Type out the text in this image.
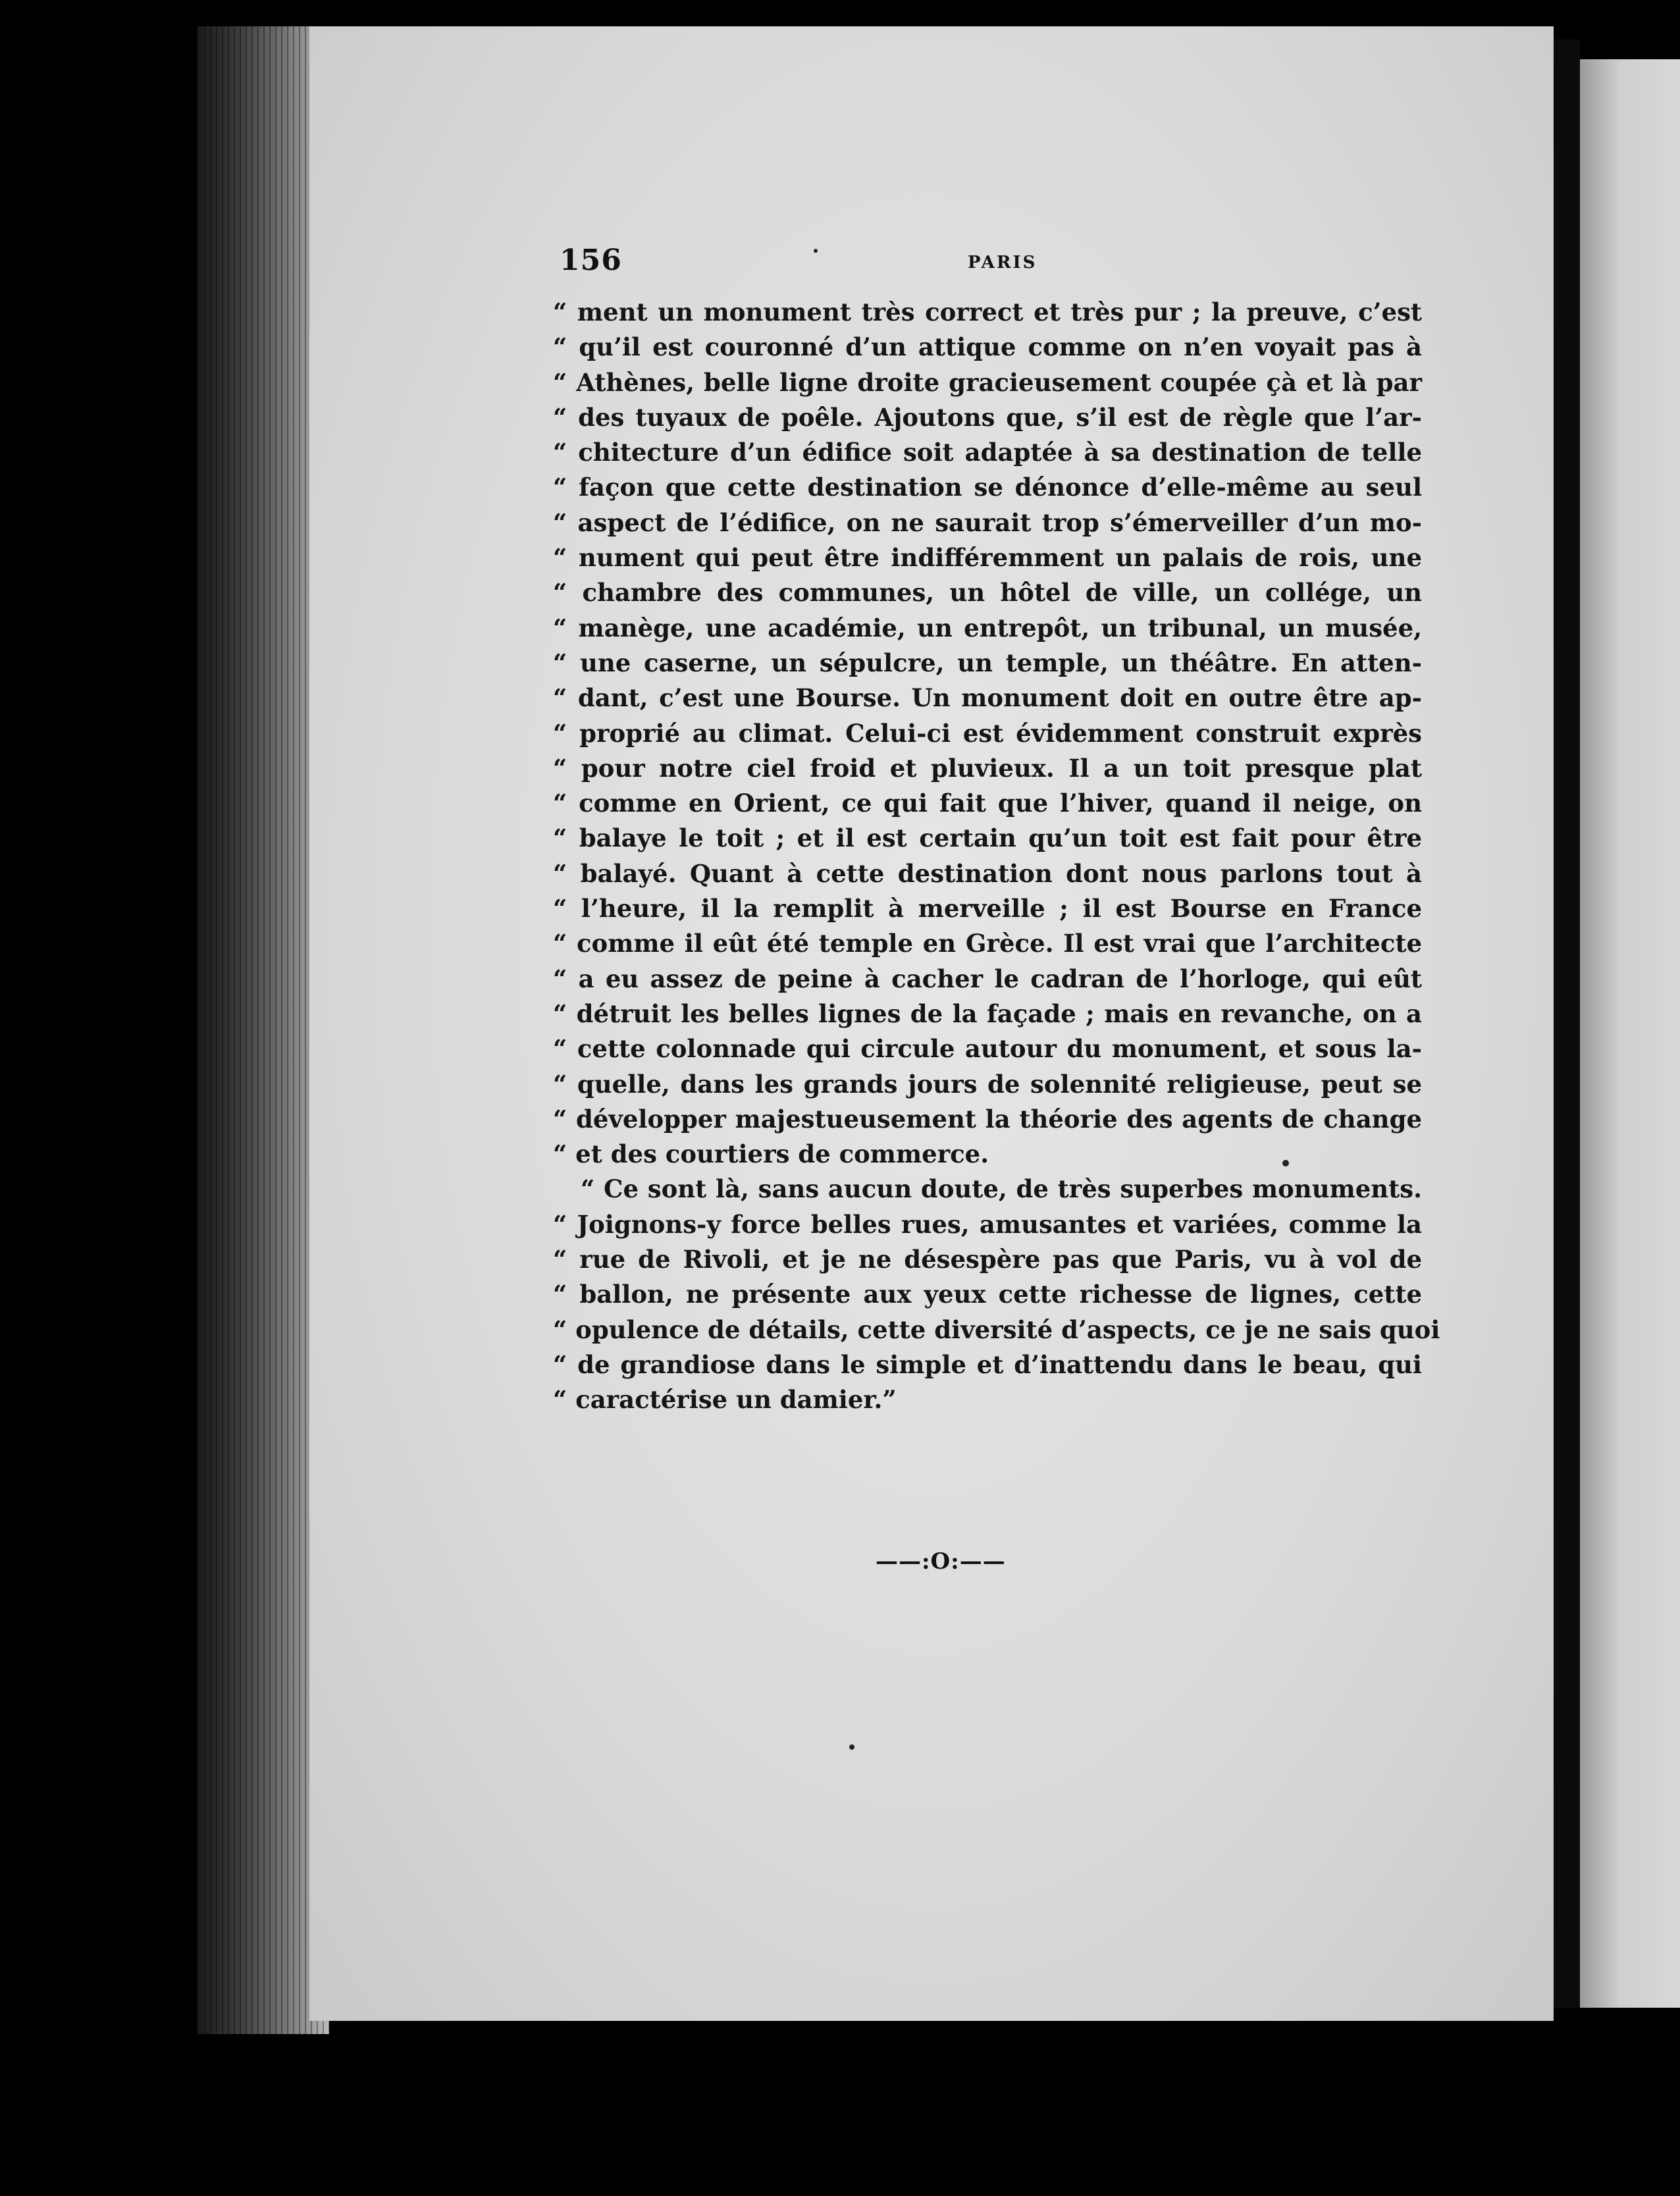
156	PARIS
“ ment un monument très correct et très pur ; la preuve, c’est
“ qu’il est couronné d’un attique comme on n’en voyait pas à
“ Athènes, belle ligne droite gracieusement coupée çà et là par
“ des tuyaux de poêle. Ajoutons que, s’il est de règle que l’ar-
“ chitecture d’un édifice soit adaptée à sa destination de telle
“ façon que cette destination se dénonce d’elle-même au seul
“ aspect de l’édifice, on ne saurait trop s’émerveiller d’un mo-
“ nument qui peut être indifféremment un palais de rois, une
“ chambre des communes, un hôtel de ville, un collége, un
“ manège, une académie, un entrepôt, un tribunal, un musée,
“ une caserne, un sépulcre, un temple, un théâtre. En atten-
“ dant, c’est une Bourse. Un monument doit en outre être ap-
“ proprié au climat. Celui-ci est évidemment construit exprès
“ pour notre ciel froid et pluvieux. Il a un toit presque plat
“ comme en Orient, ce qui fait que l’hiver, quand il neige, on
“ balaye le toit ; et il est certain qu’un toit est fait pour être
“ balayé. Quant à cette destination dont nous parlons tout à
“ l’heure, il la remplit à merveille ; il est Bourse en France
“ comme il eût été temple en Grèce. Il est vrai que l’architecte
“ a eu assez de peine à cacher le cadran de l’horloge, qui eût
“ détruit les belles lignes de la façade ; mais en revanche, on a
“ cette colonnade qui circule autour du monument, et sous la-
“ quelle, dans les grands jours de solennité religieuse, peut se
“ développer majestueusement la théorie des agents de change
“ et des courtiers de commerce.
“ Ce sont là, sans aucun doute, de très superbes monuments.
“ Joignons-y force belles rues, amusantes et variées, comme la
“ rue de Rivoli, et je ne désespère pas que Paris, vu à vol de
“ ballon, ne présente aux yeux cette richesse de lignes, cette
“ opulence de détails, cette diversité d’aspects, ce je ne sais quoi
“ de grandiose dans le simple et d’inattendu dans le beau, qui
“ caractérise un damier.”
——:O:——
